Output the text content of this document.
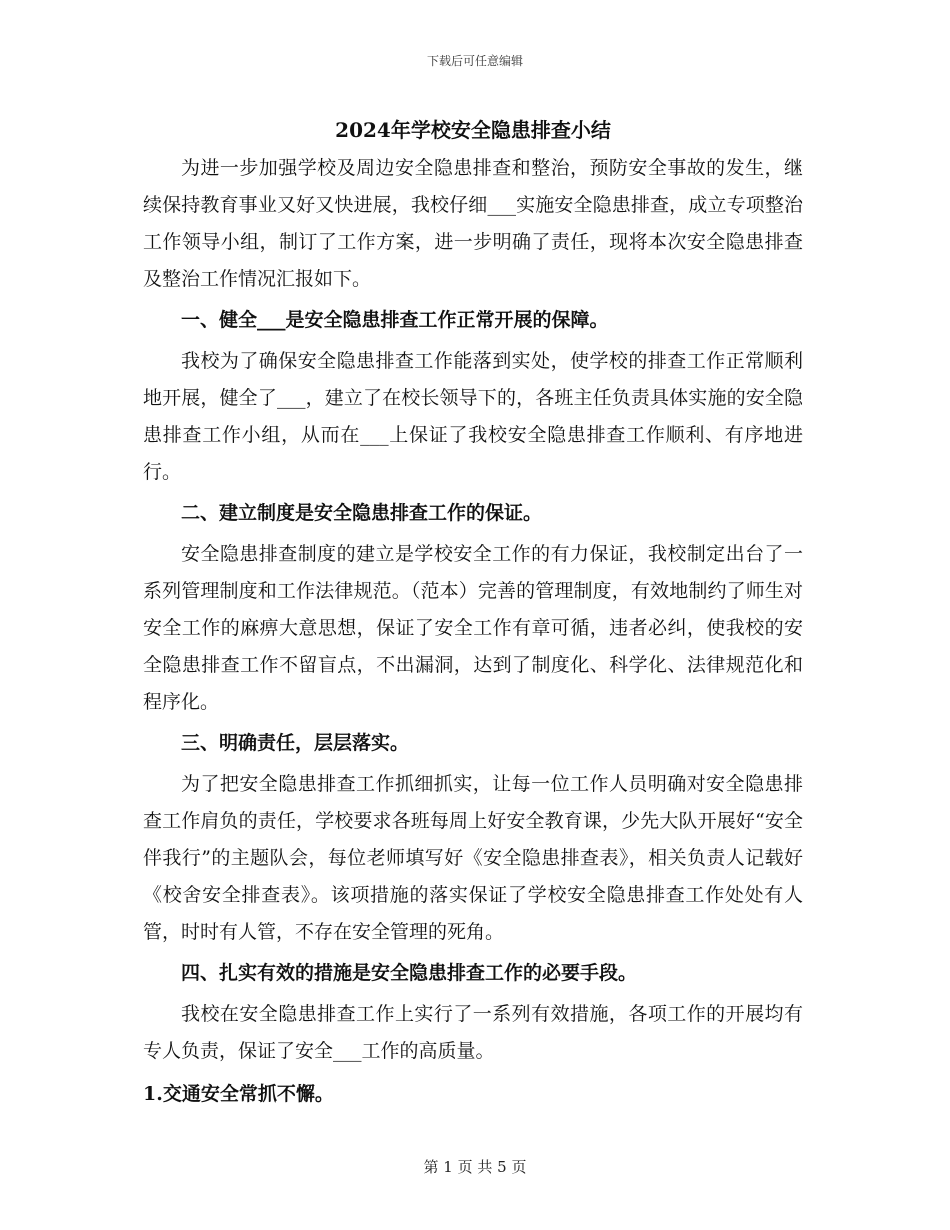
下载后可任意编辑
2024年学校安全隐患排查小结

为进一步加强学校及周边安全隐患排查和整治，预防安全事故的发生，继续保持教育事业又好又快进展，我校仔细___实施安全隐患排查，成立专项整治工作领导小组，制订了工作方案，进一步明确了责任，现将本次安全隐患排查及整治工作情况汇报如下。

一、健全___是安全隐患排查工作正常开展的保障。

我校为了确保安全隐患排查工作能落到实处，使学校的排查工作正常顺利地开展，健全了___，建立了在校长领导下的，各班主任负责具体实施的安全隐患排查工作小组，从而在___上保证了我校安全隐患排查工作顺利、有序地进行。

二、建立制度是安全隐患排查工作的保证。

安全隐患排查制度的建立是学校安全工作的有力保证，我校制定出台了一系列管理制度和工作法律规范。（范本）完善的管理制度，有效地制约了师生对安全工作的麻痹大意思想，保证了安全工作有章可循，违者必纠，使我校的安全隐患排查工作不留盲点，不出漏洞，达到了制度化、科学化、法律规范化和程序化。

三、明确责任，层层落实。

为了把安全隐患排查工作抓细抓实，让每一位工作人员明确对安全隐患排查工作肩负的责任，学校要求各班每周上好安全教育课，少先大队开展好“安全伴我行”的主题队会，每位老师填写好《安全隐患排查表》，相关负责人记载好《校舍安全排查表》。该项措施的落实保证了学校安全隐患排查工作处处有人管，时时有人管，不存在安全管理的死角。

四、扎实有效的措施是安全隐患排查工作的必要手段。

我校在安全隐患排查工作上实行了一系列有效措施，各项工作的开展均有专人负责，保证了安全___工作的高质量。

1.交通安全常抓不懈。

第 1 页 共 5 页
